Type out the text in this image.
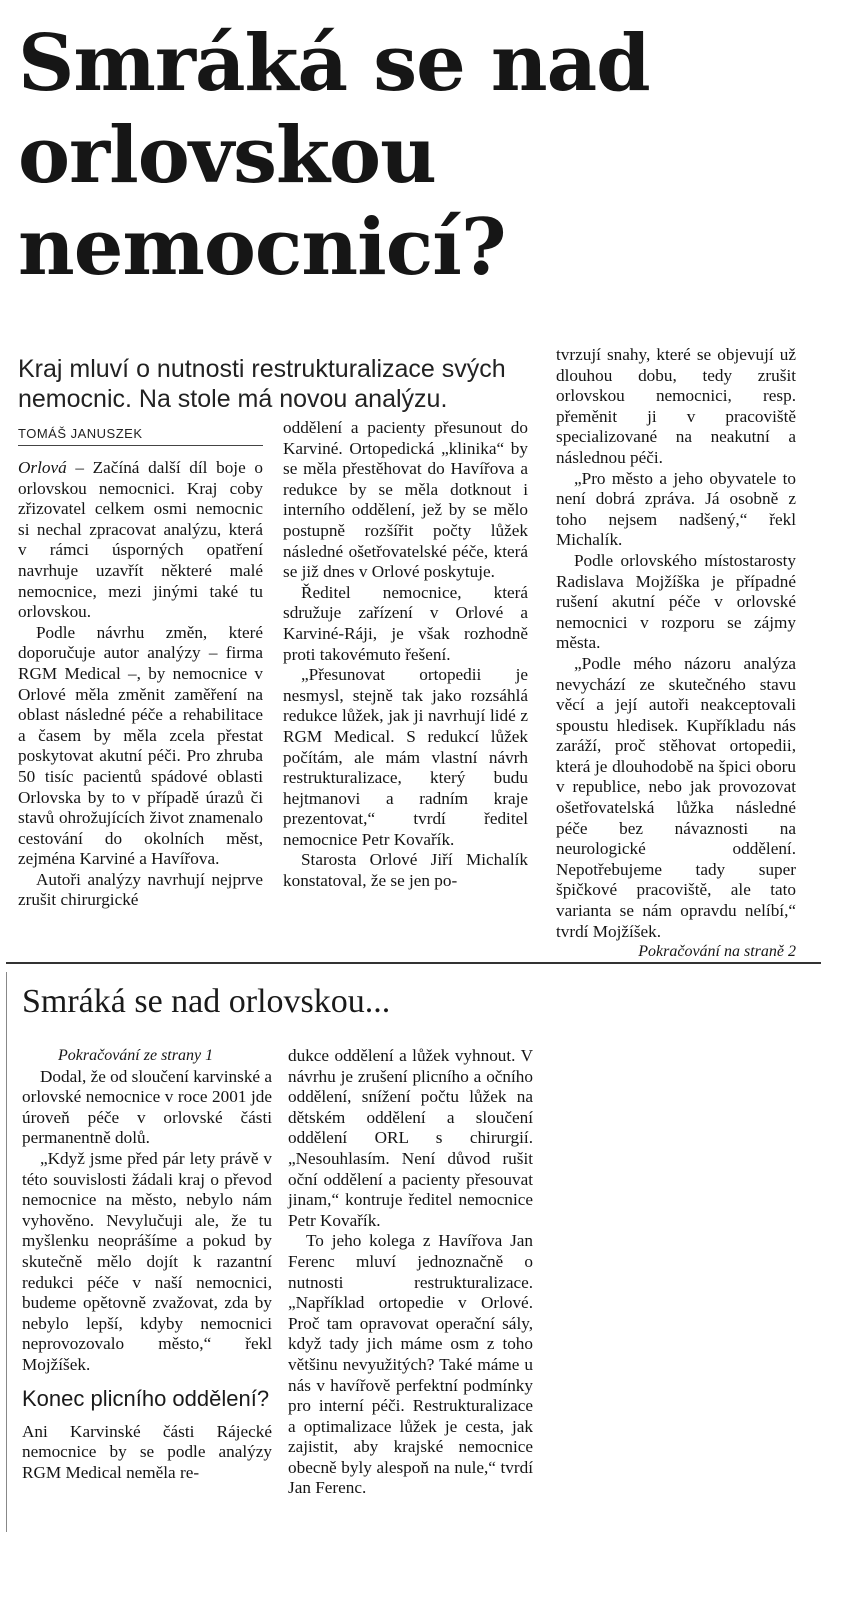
Smráká se nad orlovskou nemocnicí?

Kraj mluví o nutnosti restrukturalizace svých nemocnic. Na stole má novou analýzu.

TOMÁŠ JANUSZEK

Orlová – Začíná další díl boje o orlovskou nemocnici. Kraj coby zřizovatel celkem osmi nemocnic si nechal zpracovat analýzu, která v rámci úsporných opatření navrhuje uzavřít některé malé nemocnice, mezi jinými také tu orlovskou.

Podle návrhu změn, které doporučuje autor analýzy – firma RGM Medical –, by nemocnice v Orlové měla změnit zaměření na oblast následné péče a rehabilitace a časem by měla zcela přestat poskytovat akutní péči. Pro zhruba 50 tisíc pacientů spádové oblasti Orlovska by to v případě úrazů či stavů ohrožujících život znamenalo cestování do okolních měst, zejména Karviné a Havířova.

Autoři analýzy navrhují nejprve zrušit chirurgické

oddělení a pacienty přesunout do Karviné. Ortopedická „klinika“ by se měla přestěhovat do Havířova a redukce by se měla dotknout i interního oddělení, jež by se mělo postupně rozšířit počty lůžek následné ošetřovatelské péče, která se již dnes v Orlové poskytuje.

Ředitel nemocnice, která sdružuje zařízení v Orlové a Karviné-Ráji, je však rozhodně proti takovémuto řešení.

„Přesunovat ortopedii je nesmysl, stejně tak jako rozsáhlá redukce lůžek, jak ji navrhují lidé z RGM Medical. S redukcí lůžek počítám, ale mám vlastní návrh restrukturalizace, který budu hejtmanovi a radním kraje prezentovat,“ tvrdí ředitel nemocnice Petr Kovařík.

Starosta Orlové Jiří Michalík konstatoval, že se jen po-

tvrzují snahy, které se objevují už dlouhou dobu, tedy zrušit orlovskou nemocnici, resp. přeměnit ji v pracoviště specializované na neakutní a následnou péči.

„Pro město a jeho obyvatele to není dobrá zpráva. Já osobně z toho nejsem nadšený,“ řekl Michalík.

Podle orlovského místostarosty Radislava Mojžíška je případné rušení akutní péče v orlovské nemocnici v rozporu se zájmy města.

„Podle mého názoru analýza nevychází ze skutečného stavu věcí a její autoři neakceptovali spoustu hledisek. Kupříkladu nás zaráží, proč stěhovat ortopedii, která je dlouhodobě na špici oboru v republice, nebo jak provozovat ošetřovatelská lůžka následné péče bez návaznosti na neurologické oddělení. Nepotřebujeme tady super špičkové pracoviště, ale tato varianta se nám opravdu nelíbí,“ tvrdí Mojžíšek.

Pokračování na straně 2

Smráká se nad orlovskou...

Pokračování ze strany 1

Dodal, že od sloučení karvinské a orlovské nemocnice v roce 2001 jde úroveň péče v orlovské části permanentně dolů.

„Když jsme před pár lety právě v této souvislosti žádali kraj o převod nemocnice na město, nebylo nám vyhověno. Nevylučuji ale, že tu myšlenku neoprášíme a pokud by skutečně mělo dojít k razantní redukci péče v naší nemocnici, budeme opětovně zvažovat, zda by nebylo lepší, kdyby nemocnici neprovozovalo město,“ řekl Mojžíšek.

Konec plicního oddělení?

Ani Karvinské části Rájecké nemocnice by se podle analýzy RGM Medical neměla re-

dukce oddělení a lůžek vyhnout. V návrhu je zrušení plicního a očního oddělení, snížení počtu lůžek na dětském oddělení a sloučení oddělení ORL s chirurgií. „Nesouhlasím. Není důvod rušit oční oddělení a pacienty přesouvat jinam,“ kontruje ředitel nemocnice Petr Kovařík.

To jeho kolega z Havířova Jan Ferenc mluví jednoznačně o nutnosti restrukturalizace. „Například ortopedie v Orlové. Proč tam opravovat operační sály, když tady jich máme osm z toho většinu nevyužitých? Také máme u nás v havířově perfektní podmínky pro interní péči. Restrukturalizace a optimalizace lůžek je cesta, jak zajistit, aby krajské nemocnice obecně byly alespoň na nule,“ tvrdí Jan Ferenc.
